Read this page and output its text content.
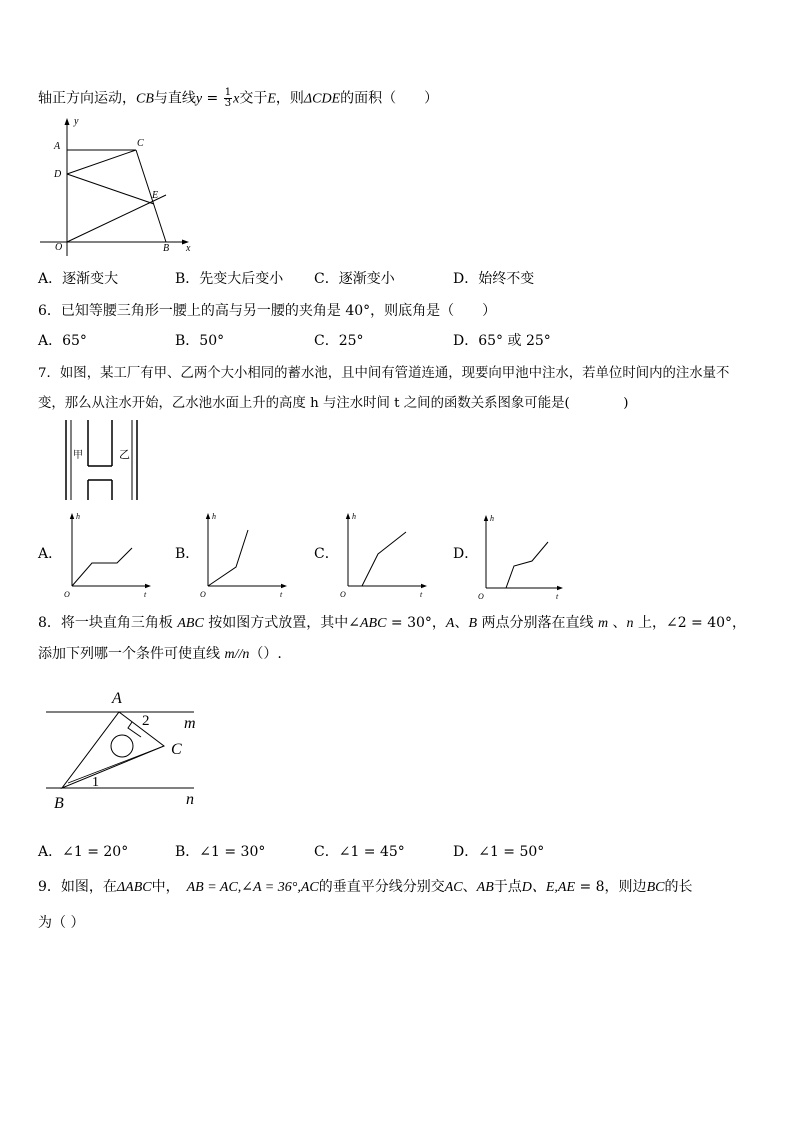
轴正方向运动，CB与直线$y = \frac{1}{3}$ x交于E，则ΔCDE的面积（　　）
y
A	C
D
E
O	B x
A．逐渐变大	B．先变大后变小 C．逐渐变小	D．始终不变
6．已知等腰三角形一腰上的高与另一腰的夹角是 40°，则底角是（　　）
A．65°	B．50°	C．25°	D．65° 或 25°
7．如图，某工厂有甲、乙两个大小相同的蓄水池，且中间有管道连通，现要向甲池中注水，若单位时间内的注水量不
变，那么从注水开始，乙水池水面上升的高度 h 与注水时间 t 之间的函数关系图象可能是(　　　　)
甲	乙
A．
h
O	t
B．
h
O	t
C．
h
O	t
D．
h
O	t
8．将一块直角三角板 ABC 按如图方式放置，其中∠ABC = 30°，A、B 两点分别落在直线 m 、n 上，∠2 = 40°，
添加下列哪一个条件可使直线 m//n（）.
A
2 m
C
1
B	n
A．∠1 = 20°	B．∠1 = 30°	C．∠1 = 45°	D．∠1 = 50°
9．如图，在ΔABC中，　AB = AC,∠A = 36°,AC的垂直平分线分别交AC、AB于点D、E,AE = 8，则边BC的长
为（ ）
